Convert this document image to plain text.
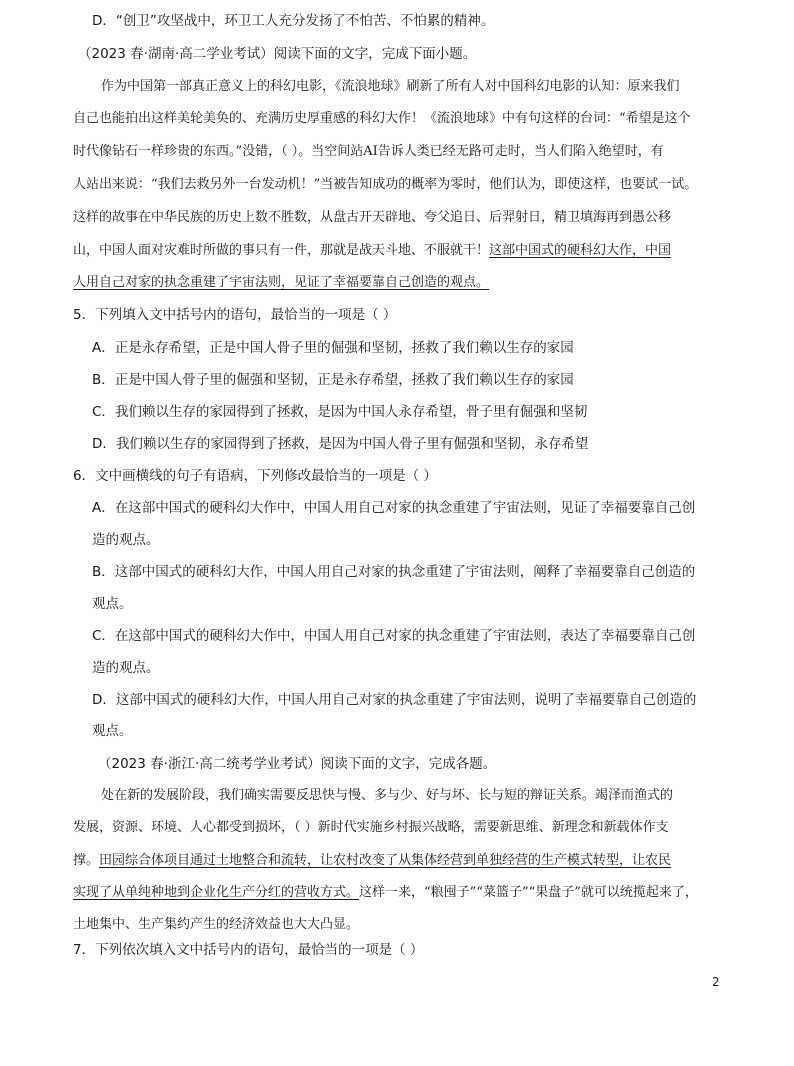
D．“创卫”攻坚战中，环卫工人充分发扬了不怕苦、不怕累的精神。
（2023 春·湖南·高二学业考试）阅读下面的文字，完成下面小题。
作为中国第一部真正意义上的科幻电影，《流浪地球》刷新了所有人对中国科幻电影的认知：原来我们
自己也能拍出这样美轮美奂的、充满历史厚重感的科幻大作！《流浪地球》中有句这样的台词：“希望是这个
时代像钻石一样珍贵的东西。”没错，（ ）。当空间站AI告诉人类已经无路可走时，当人们陷入绝望时，有
人站出来说：“我们去救另外一台发动机！”当被告知成功的概率为零时，他们认为，即使这样，也要试一试。
这样的故事在中华民族的历史上数不胜数，从盘古开天辟地、夸父追日、后羿射日，精卫填海再到愚公移
山，中国人面对灾难时所做的事只有一件，那就是战天斗地、不服就干！这部中国式的硬科幻大作，中国
人用自己对家的执念重建了宇宙法则，见证了幸福要靠自己创造的观点。
5．下列填入文中括号内的语句，最恰当的一项是（ ）
A．正是永存希望，正是中国人骨子里的倔强和坚韧，拯救了我们赖以生存的家园
B．正是中国人骨子里的倔强和坚韧，正是永存希望，拯救了我们赖以生存的家园
C．我们赖以生存的家园得到了拯救，是因为中国人永存希望，骨子里有倔强和坚韧
D．我们赖以生存的家园得到了拯救，是因为中国人骨子里有倔强和坚韧，永存希望
6．文中画横线的句子有语病，下列修改最恰当的一项是（ ）
A．在这部中国式的硬科幻大作中，中国人用自己对家的执念重建了宇宙法则，见证了幸福要靠自己创
造的观点。
B．这部中国式的硬科幻大作，中国人用自己对家的执念重建了宇宙法则，阐释了幸福要靠自己创造的
观点。
C．在这部中国式的硬科幻大作中，中国人用自己对家的执念重建了宇宙法则，表达了幸福要靠自己创
造的观点。
D．这部中国式的硬科幻大作，中国人用自己对家的执念重建了宇宙法则，说明了幸福要靠自己创造的
观点。
（2023 春·浙江·高二统考学业考试）阅读下面的文字，完成各题。
处在新的发展阶段，我们确实需要反思快与慢、多与少、好与坏、长与短的辩证关系。竭泽而渔式的
发展，资源、环境、人心都受到损坏，（ ）新时代实施乡村振兴战略，需要新思维、新理念和新载体作支
撑。田园综合体项目通过土地整合和流转，让农村改变了从集体经营到单独经营的生产模式转型，让农民
实现了从单纯种地到企业化生产分红的营收方式。这样一来，“粮囤子”“菜篮子”“果盘子”就可以统揽起来了，
土地集中、生产集约产生的经济效益也大大凸显。
7．下列依次填入文中括号内的语句，最恰当的一项是（ ）
2
